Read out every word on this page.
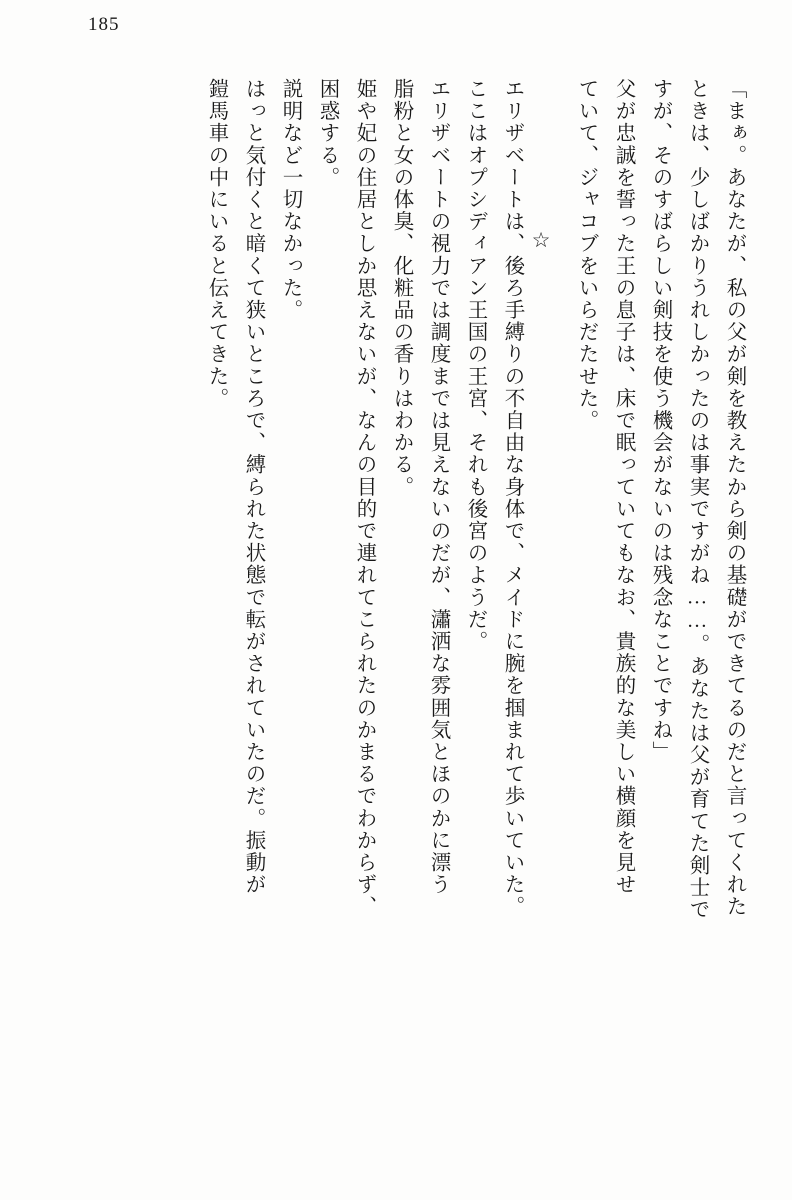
185
「まぁ。あなたが、私の父が剣を教えたから剣の基礎ができてるのだと言ってくれた
ときは、少しばかりうれしかったのは事実ですがね……。あなたは父が育てた剣士で
すが、そのすばらしい剣技を使う機会がないのは残念なことですね」
父が忠誠を誓った王の息子は、床で眠っていてもなお、貴族的な美しい横顔を見せ
ていて、ジャコブをいらだたせた。
☆
エリザベートは、後ろ手縛りの不自由な身体で、メイドに腕を掴まれて歩いていた。
ここはオプシディアン王国の王宮、それも後宮のようだ。
エリザベートの視力では調度までは見えないのだが、瀟洒な雰囲気とほのかに漂う
脂粉と女の体臭、化粧品の香りはわかる。
姫や妃の住居としか思えないが、なんの目的で連れてこられたのかまるでわからず、
困惑する。
説明など一切なかった。
はっと気付くと暗くて狭いところで、縛られた状態で転がされていたのだ。振動が
鎧馬車の中にいると伝えてきた。
